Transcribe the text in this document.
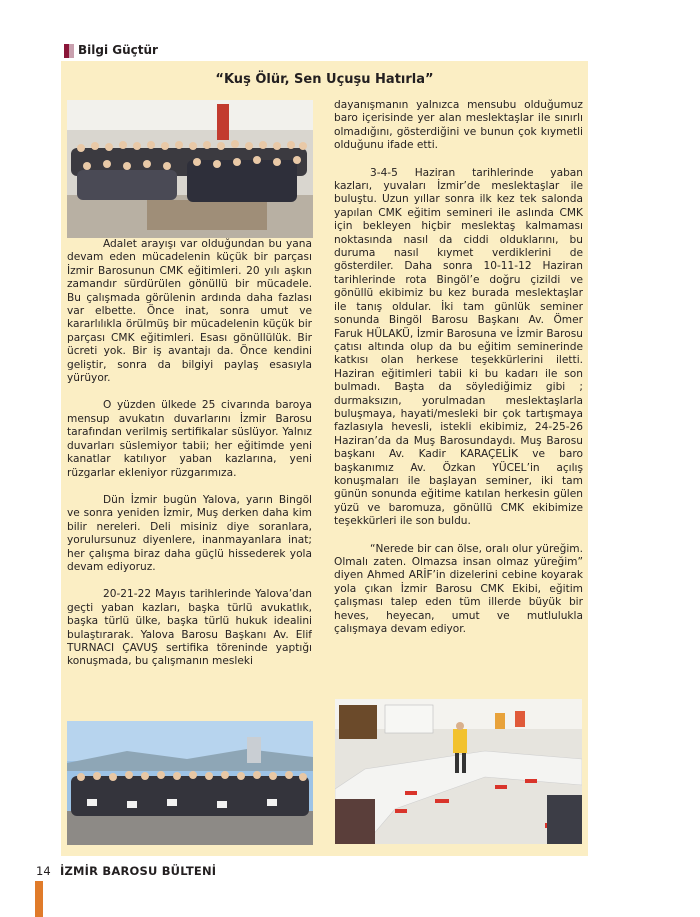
Bilgi Güçtür
“Kuş Ölür, Sen Uçuşu Hatırla”

Adalet arayışı var olduğundan bu yana devam eden mücadelenin küçük bir parçası İzmir Barosunun CMK eğitimleri. 20 yılı aşkın zamandır sürdürülen gönüllü bir mücadele. Bu çalışmada görülenin ardında daha fazlası var elbette. Önce inat, sonra umut ve kararlılıkla örülmüş bir mücadelenin küçük bir parçası CMK eğitimleri. Esası gönüllülük. Bir ücreti yok. Bir iş avantajı da. Önce kendini geliştir, sonra da bilgiyi paylaş esasıyla yürüyor.

O yüzden ülkede 25 civarında baroya mensup avukatın duvarlarını İzmir Barosu tarafından verilmiş sertifikalar süslüyor. Yalnız duvarları süslemiyor tabii; her eğitimde yeni kanatlar katılıyor yaban kazlarına, yeni rüzgarlar ekleniyor rüzgarımıza.

Dün İzmir bugün Yalova, yarın Bingöl ve sonra yeniden İzmir, Muş derken daha kim bilir nereleri. Deli misiniz diye soranlara, yorulursunuz diyenlere, inanmayanlara inat; her çalışma biraz daha güçlü hissederek yola devam ediyoruz.

20-21-22 Mayıs tarihlerinde Yalova’dan geçti yaban kazları, başka türlü avukatlık, başka türlü ülke, başka türlü hukuk idealini bulaştırarak. Yalova Barosu Başkanı Av. Elif TURNACI ÇAVUŞ sertifika töreninde yaptığı konuşmada, bu çalışmanın mesleki

dayanışmanın yalnızca mensubu olduğumuz baro içerisinde yer alan meslektaşlar ile sınırlı olmadığını, gösterdiğini ve bunun çok kıymetli olduğunu ifade etti.

3-4-5 Haziran tarihlerinde yaban kazları, yuvaları İzmir’de meslektaşlar ile buluştu. Uzun yıllar sonra ilk kez tek salonda yapılan CMK eğitim semineri ile aslında CMK için bekleyen hiçbir meslektaş kalmaması noktasında nasıl da ciddi olduklarını, bu duruma nasıl kıymet verdiklerini de gösterdiler. Daha sonra 10-11-12 Haziran tarihlerinde rota Bingöl’e doğru çizildi ve gönüllü ekibimiz bu kez burada meslektaşlar ile tanış oldular. İki tam günlük seminer sonunda Bingöl Barosu Başkanı Av. Ömer Faruk HÜLAKÜ, İzmir Barosuna ve İzmir Barosu çatısı altında olup da bu eğitim seminerinde katkısı olan herkese teşekkürlerini iletti. Haziran eğitimleri tabii ki bu kadarı ile son bulmadı. Başta da söylediğimiz gibi ; durmaksızın, yorulmadan meslektaşlarla buluşmaya, hayati/mesleki bir çok tartışmaya fazlasıyla hevesli, istekli ekibimiz, 24-25-26 Haziran’da da Muş Barosundaydı. Muş Barosu başkanı Av. Kadir KARAÇELİK ve baro başkanımız Av. Özkan YÜCEL’in açılış konuşmaları ile başlayan seminer, iki tam günün sonunda eğitime katılan herkesin gülen yüzü ve baromuza, gönüllü CMK ekibimize teşekkürleri ile son buldu.

“Nerede bir can ölse, oralı olur yüreğim. Olmalı zaten. Olmazsa insan olmaz yüreğim” diyen Ahmed ARİF’in dizelerini cebine koyarak yola çıkan İzmir Barosu CMK Ekibi, eğitim çalışması talep eden tüm illerde büyük bir heves, heyecan, umut ve mutlulukla çalışmaya devam ediyor.

14 İZMİR BAROSU BÜLTENİ
